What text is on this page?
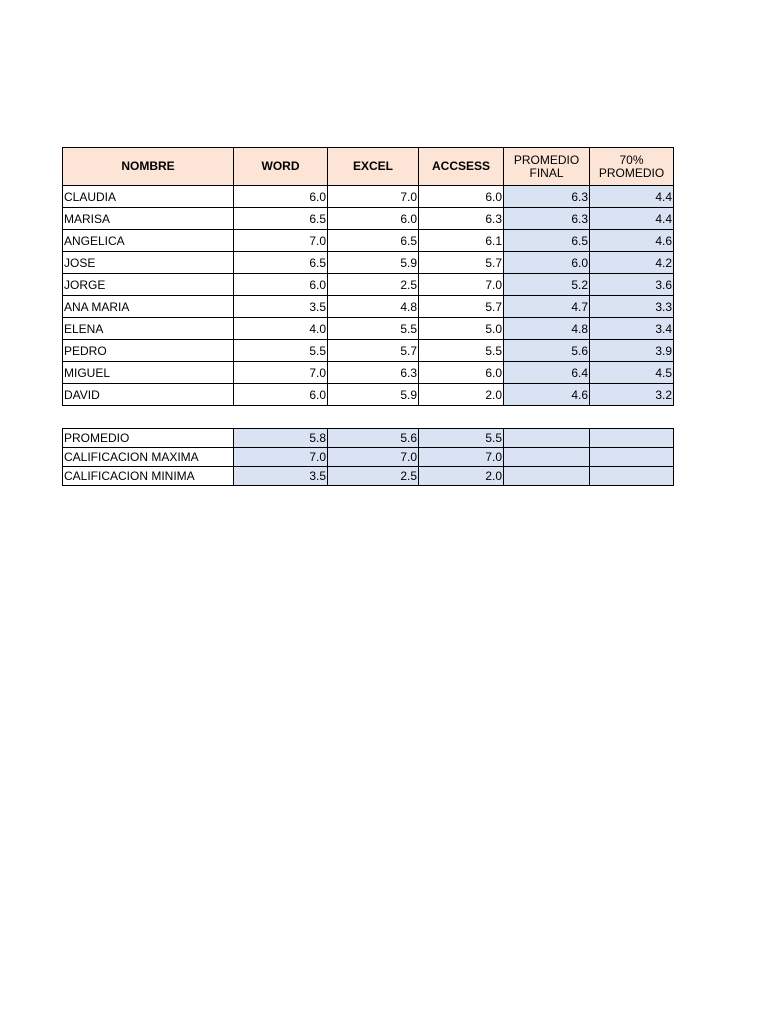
NOMBRE	WORD	EXCEL	ACCSESS	PROMEDIO FINAL	70% PROMEDIO
CLAUDIA	6.0	7.0	6.0	6.3	4.4
MARISA	6.5	6.0	6.3	6.3	4.4
ANGELICA	7.0	6.5	6.1	6.5	4.6
JOSE	6.5	5.9	5.7	6.0	4.2
JORGE	6.0	2.5	7.0	5.2	3.6
ANA MARIA	3.5	4.8	5.7	4.7	3.3
ELENA	4.0	5.5	5.0	4.8	3.4
PEDRO	5.5	5.7	5.5	5.6	3.9
MIGUEL	7.0	6.3	6.0	6.4	4.5
DAVID	6.0	5.9	2.0	4.6	3.2
PROMEDIO	5.8	5.6	5.5		
CALIFICACION MAXIMA	7.0	7.0	7.0		
CALIFICACION MINIMA	3.5	2.5	2.0		
